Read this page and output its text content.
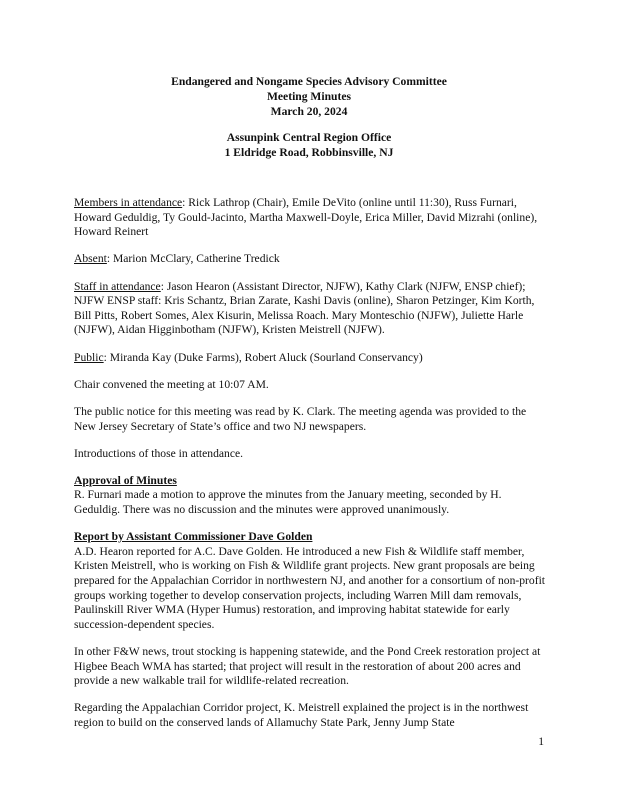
Endangered and Nongame Species Advisory Committee
Meeting Minutes
March 20, 2024
Assunpink Central Region Office
1 Eldridge Road, Robbinsville, NJ

Members in attendance: Rick Lathrop (Chair), Emile DeVito (online until 11:30), Russ Furnari, Howard Geduldig, Ty Gould-Jacinto, Martha Maxwell-Doyle, Erica Miller, David Mizrahi (online), Howard Reinert

Absent: Marion McClary, Catherine Tredick

Staff in attendance: Jason Hearon (Assistant Director, NJFW), Kathy Clark (NJFW, ENSP chief); NJFW ENSP staff: Kris Schantz, Brian Zarate, Kashi Davis (online), Sharon Petzinger, Kim Korth, Bill Pitts, Robert Somes, Alex Kisurin, Melissa Roach. Mary Monteschio (NJFW), Juliette Harle (NJFW), Aidan Higginbotham (NJFW), Kristen Meistrell (NJFW).

Public: Miranda Kay (Duke Farms), Robert Aluck (Sourland Conservancy)

Chair convened the meeting at 10:07 AM.

The public notice for this meeting was read by K. Clark. The meeting agenda was provided to the New Jersey Secretary of State’s office and two NJ newspapers.

Introductions of those in attendance.

Approval of Minutes
R. Furnari made a motion to approve the minutes from the January meeting, seconded by H. Geduldig. There was no discussion and the minutes were approved unanimously.

Report by Assistant Commissioner Dave Golden
A.D. Hearon reported for A.C. Dave Golden. He introduced a new Fish & Wildlife staff member, Kristen Meistrell, who is working on Fish & Wildlife grant projects. New grant proposals are being prepared for the Appalachian Corridor in northwestern NJ, and another for a consortium of non-profit groups working together to develop conservation projects, including Warren Mill dam removals, Paulinskill River WMA (Hyper Humus) restoration, and improving habitat statewide for early succession-dependent species.

In other F&W news, trout stocking is happening statewide, and the Pond Creek restoration project at Higbee Beach WMA has started; that project will result in the restoration of about 200 acres and provide a new walkable trail for wildlife-related recreation.

Regarding the Appalachian Corridor project, K. Meistrell explained the project is in the northwest region to build on the conserved lands of Allamuchy State Park, Jenny Jump State

1
